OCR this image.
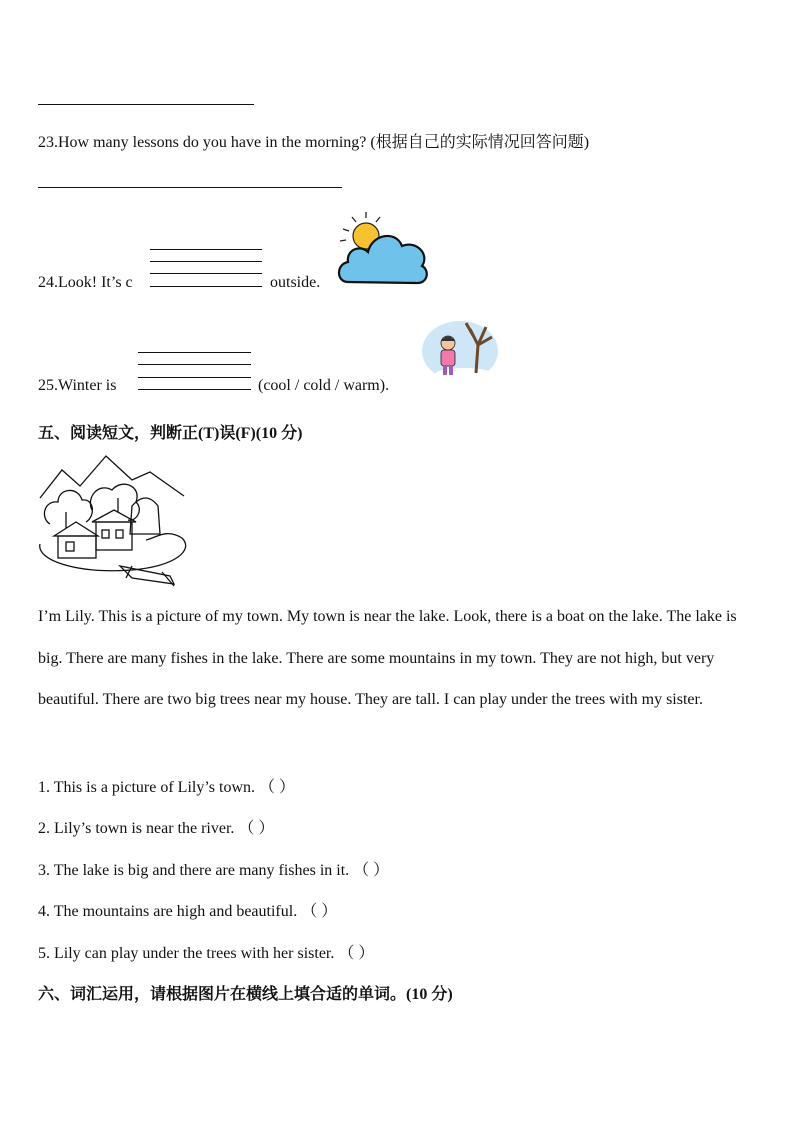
23.How many lessons do you have in the morning? (根据自己的实际情况回答问题)
24.Look! It’s c	outside.
25.Winter is	(cool / cold / warm).
五、阅读短文，判断正(T)误(F)(10 分)
I’m Lily. This is a picture of my town. My town is near the lake. Look, there is a boat on the lake. The lake is big. There are many fishes in the lake. There are some mountains in my town. They are not high, but very beautiful. There are two big trees near my house. They are tall. I can play under the trees with my sister.
1. This is a picture of Lily’s town. （ ）
2. Lily’s town is near the river. （ ）
3. The lake is big and there are many fishes in it. （ ）
4. The mountains are high and beautiful. （ ）
5. Lily can play under the trees with her sister. （ ）
六、词汇运用，请根据图片在横线上填合适的单词。(10 分)
